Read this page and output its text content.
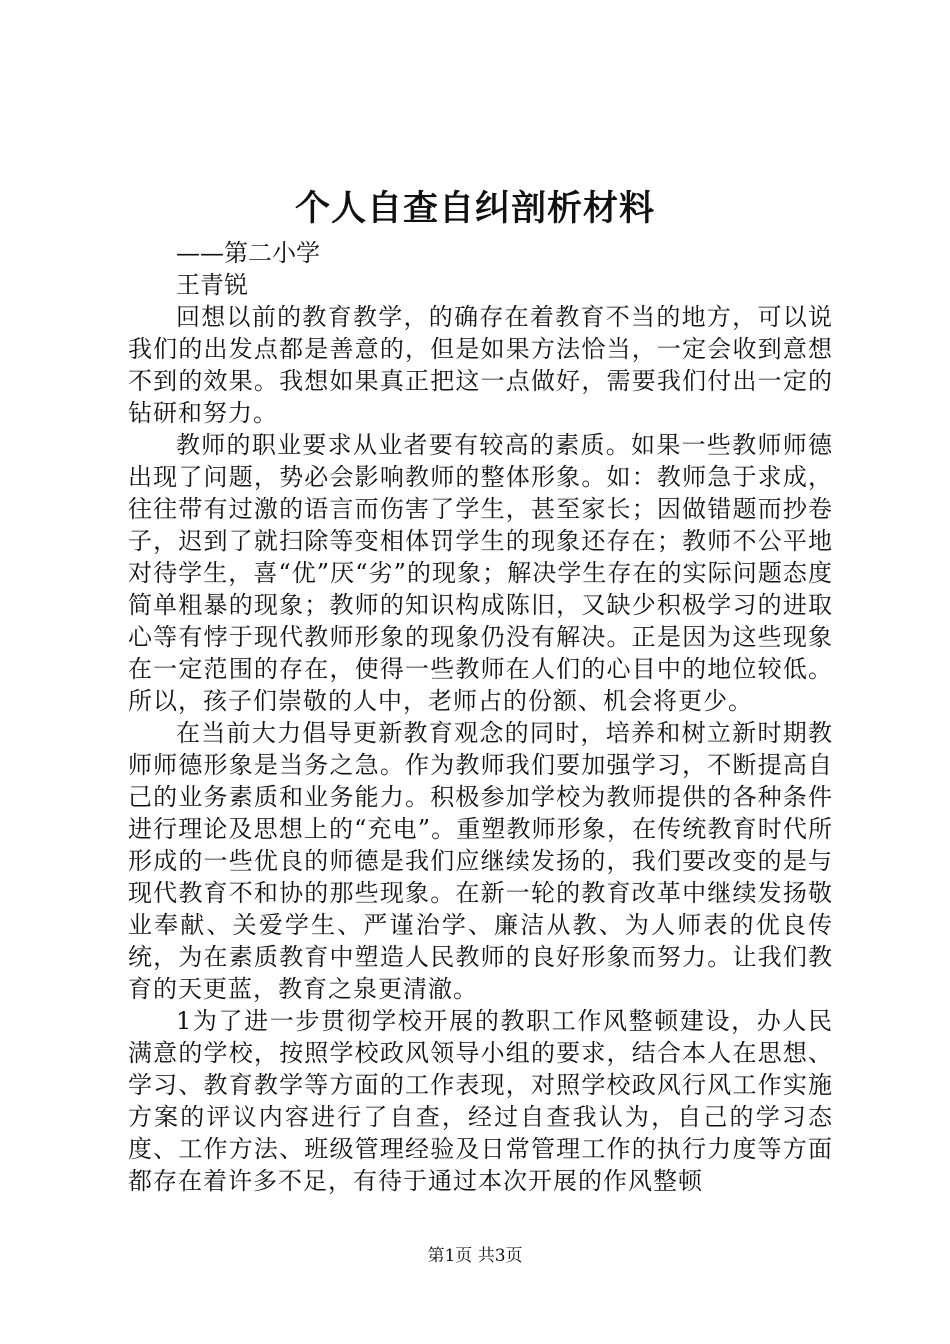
个人自查自纠剖析材料

——第二小学

王青锐

回想以前的教育教学，的确存在着教育不当的地方，可以说我们的出发点都是善意的，但是如果方法恰当，一定会收到意想不到的效果。我想如果真正把这一点做好，需要我们付出一定的钻研和努力。

教师的职业要求从业者要有较高的素质。如果一些教师师德出现了问题，势必会影响教师的整体形象。如：教师急于求成，往往带有过激的语言而伤害了学生，甚至家长；因做错题而抄卷子，迟到了就扫除等变相体罚学生的现象还存在；教师不公平地对待学生，喜“优”厌“劣”的现象；解决学生存在的实际问题态度简单粗暴的现象；教师的知识构成陈旧，又缺少积极学习的进取心等有悖于现代教师形象的现象仍没有解决。正是因为这些现象在一定范围的存在，使得一些教师在人们的心目中的地位较低。所以，孩子们崇敬的人中，老师占的份额、机会将更少。

在当前大力倡导更新教育观念的同时，培养和树立新时期教师师德形象是当务之急。作为教师我们要加强学习，不断提高自己的业务素质和业务能力。积极参加学校为教师提供的各种条件进行理论及思想上的“充电”。重塑教师形象，在传统教育时代所形成的一些优良的师德是我们应继续发扬的，我们要改变的是与现代教育不和协的那些现象。在新一轮的教育改革中继续发扬敬业奉献、关爱学生、严谨治学、廉洁从教、为人师表的优良传统，为在素质教育中塑造人民教师的良好形象而努力。让我们教育的天更蓝，教育之泉更清澈。

1为了进一步贯彻学校开展的教职工作风整顿建设，办人民满意的学校，按照学校政风领导小组的要求，结合本人在思想、学习、教育教学等方面的工作表现，对照学校政风行风工作实施方案的评议内容进行了自查，经过自查我认为，自己的学习态度、工作方法、班级管理经验及日常管理工作的执行力度等方面都存在着许多不足，有待于通过本次开展的作风整顿

第1页 共3页
